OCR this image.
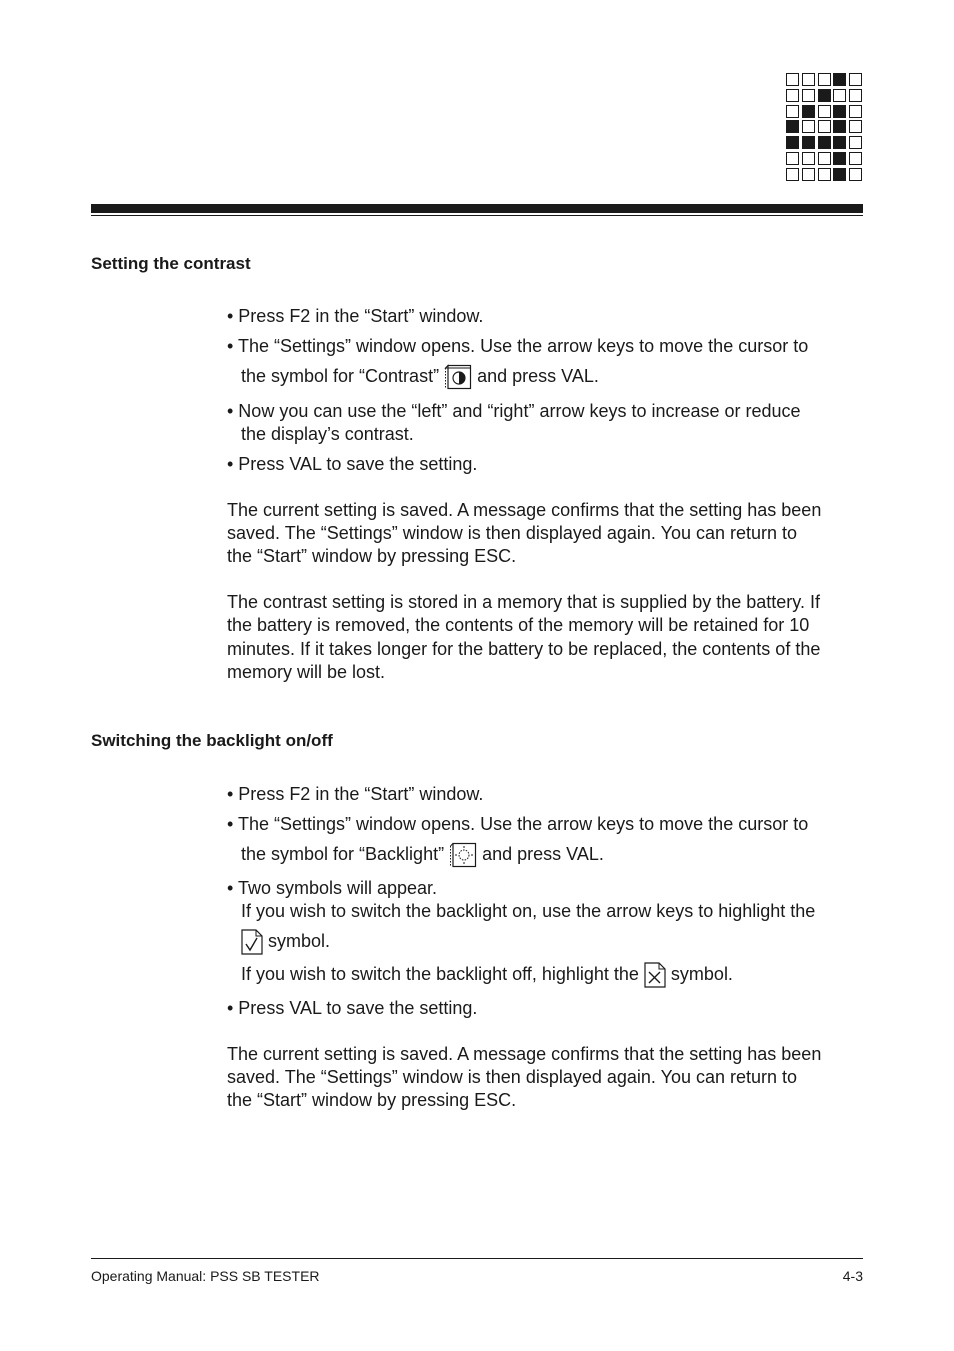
Setting the contrast
• Press F2 in the “Start” window.
• The “Settings” window opens. Use the arrow keys to move the cursor to
the symbol for “Contrast” and press VAL.
• Now you can use the “left” and “right” arrow keys to increase or reduce
the display’s contrast.
• Press VAL to save the setting.
The current setting is saved. A message confirms that the setting has been
saved. The “Settings” window is then displayed again. You can return to
the “Start” window by pressing ESC.
The contrast setting is stored in a memory that is supplied by the battery. If
the battery is removed, the contents of the memory will be retained for 10
minutes. If it takes longer for the battery to be replaced, the contents of the
memory will be lost.
Switching the backlight on/off
• Press F2 in the “Start” window.
• The “Settings” window opens. Use the arrow keys to move the cursor to
the symbol for “Backlight” and press VAL.
• Two symbols will appear.
If you wish to switch the backlight on, use the arrow keys to highlight the
symbol.
If you wish to switch the backlight off, highlight the symbol.
• Press VAL to save the setting.
The current setting is saved. A message confirms that the setting has been
saved. The “Settings” window is then displayed again. You can return to
the “Start” window by pressing ESC.
Operating Manual: PSS SB TESTER	4-3
